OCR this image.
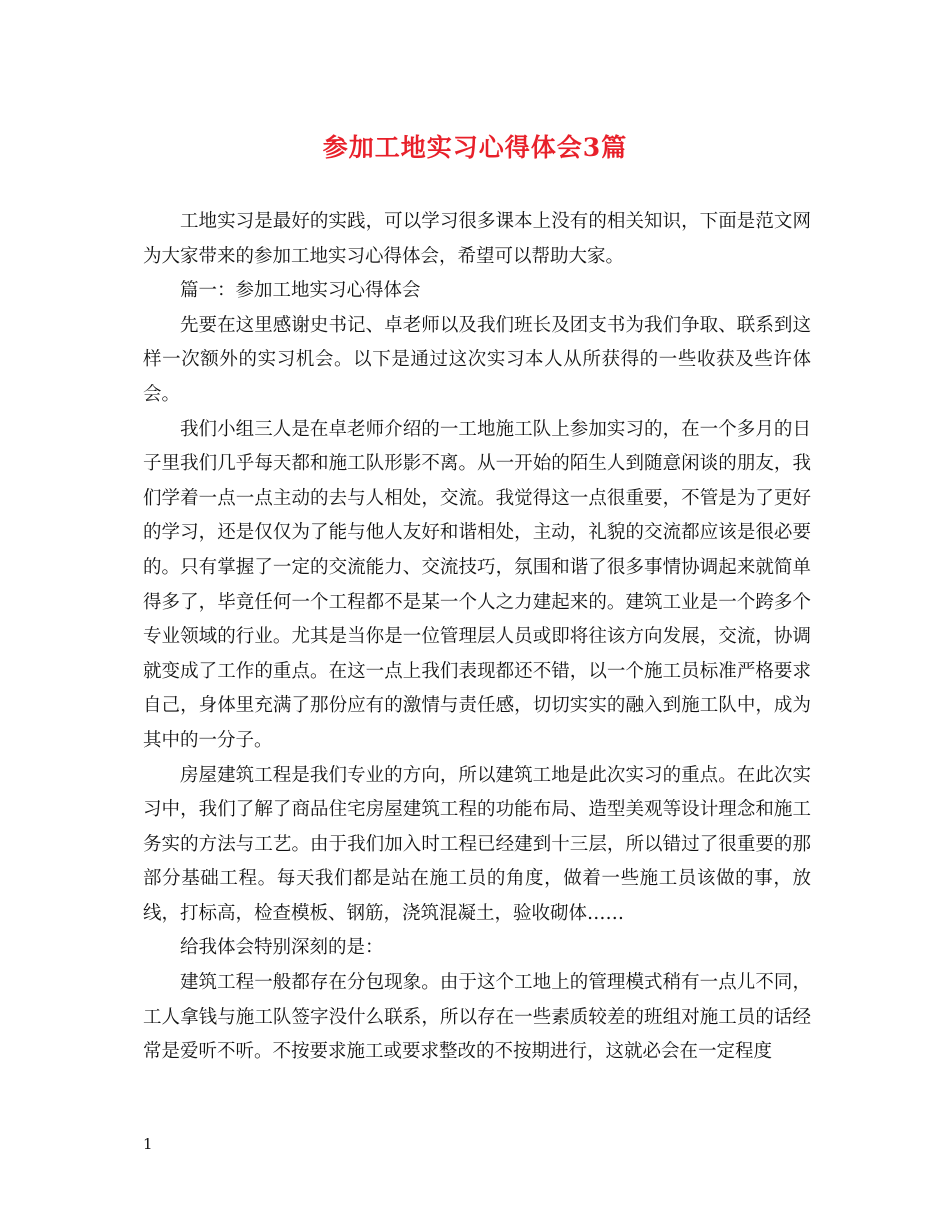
参加工地实习心得体会3篇

工地实习是最好的实践，可以学习很多课本上没有的相关知识，下面是范文网为大家带来的参加工地实习心得体会，希望可以帮助大家。

篇一：参加工地实习心得体会

先要在这里感谢史书记、卓老师以及我们班长及团支书为我们争取、联系到这样一次额外的实习机会。以下是通过这次实习本人从所获得的一些收获及些许体会。

我们小组三人是在卓老师介绍的一工地施工队上参加实习的，在一个多月的日子里我们几乎每天都和施工队形影不离。从一开始的陌生人到随意闲谈的朋友，我们学着一点一点主动的去与人相处，交流。我觉得这一点很重要，不管是为了更好的学习，还是仅仅为了能与他人友好和谐相处，主动，礼貌的交流都应该是很必要的。只有掌握了一定的交流能力、交流技巧，氛围和谐了很多事情协调起来就简单得多了，毕竟任何一个工程都不是某一个人之力建起来的。建筑工业是一个跨多个专业领域的行业。尤其是当你是一位管理层人员或即将往该方向发展，交流，协调就变成了工作的重点。在这一点上我们表现都还不错，以一个施工员标准严格要求自己，身体里充满了那份应有的激情与责任感，切切实实的融入到施工队中，成为其中的一分子。

房屋建筑工程是我们专业的方向，所以建筑工地是此次实习的重点。在此次实习中，我们了解了商品住宅房屋建筑工程的功能布局、造型美观等设计理念和施工务实的方法与工艺。由于我们加入时工程已经建到十三层，所以错过了很重要的那部分基础工程。每天我们都是站在施工员的角度，做着一些施工员该做的事，放线，打标高，检查模板、钢筋，浇筑混凝土，验收砌体……

给我体会特别深刻的是：

建筑工程一般都存在分包现象。由于这个工地上的管理模式稍有一点儿不同，工人拿钱与施工队签字没什么联系，所以存在一些素质较差的班组对施工员的话经常是爱听不听。不按要求施工或要求整改的不按期进行，这就必会在一定程度

1
